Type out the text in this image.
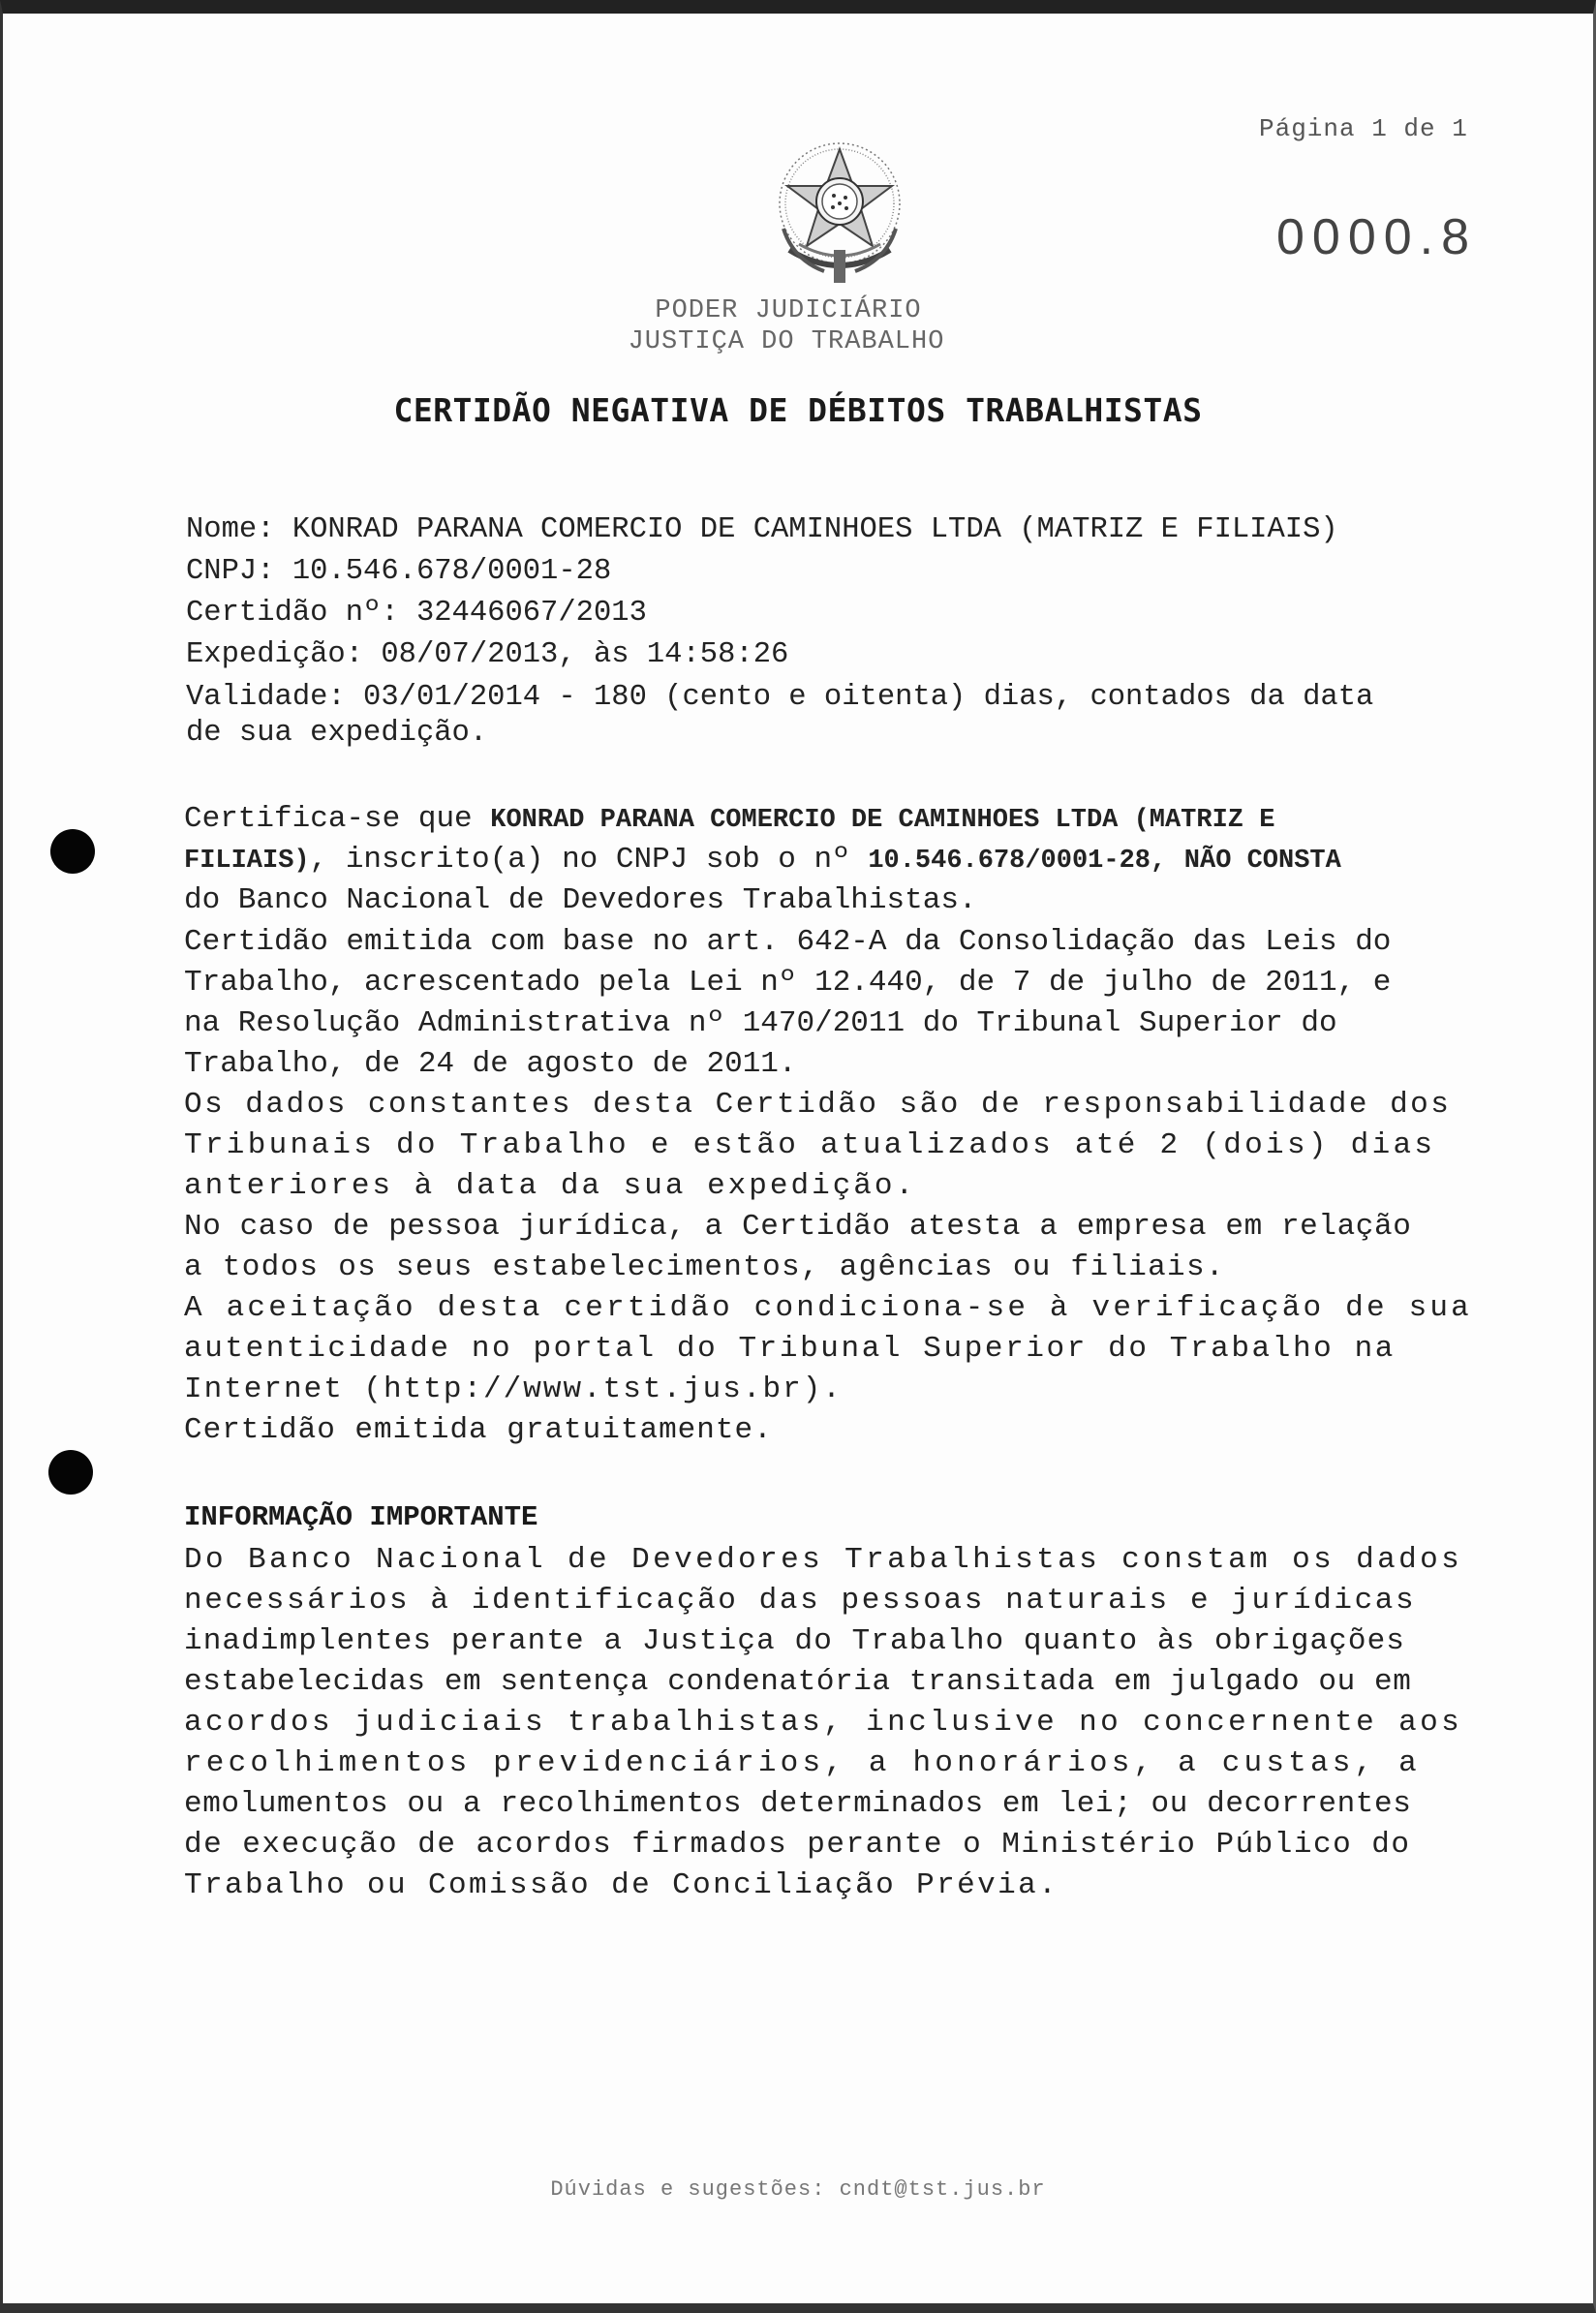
Página 1 de 1
0000.8
PODER JUDICIÁRIO
JUSTIÇA DO TRABALHO
CERTIDÃO NEGATIVA DE DÉBITOS TRABALHISTAS
Nome: KONRAD PARANA COMERCIO DE CAMINHOES LTDA (MATRIZ E FILIAIS)
CNPJ: 10.546.678/0001-28
Certidão nº: 32446067/2013
Expedição: 08/07/2013, às 14:58:26
Validade: 03/01/2014 - 180 (cento e oitenta) dias, contados da data
de sua expedição.
Certifica-se que KONRAD PARANA COMERCIO DE CAMINHOES LTDA (MATRIZ E
FILIAIS), inscrito(a) no CNPJ sob o nº 10.546.678/0001-28, NÃO CONSTA
do Banco Nacional de Devedores Trabalhistas.
Certidão emitida com base no art. 642-A da Consolidação das Leis do
Trabalho, acrescentado pela Lei nº 12.440, de 7 de julho de 2011, e
na Resolução Administrativa nº 1470/2011 do Tribunal Superior do
Trabalho, de 24 de agosto de 2011.
Os dados constantes desta Certidão são de responsabilidade dos
Tribunais do Trabalho e estão atualizados até 2 (dois) dias
anteriores à data da sua expedição.
No caso de pessoa jurídica, a Certidão atesta a empresa em relação
a todos os seus estabelecimentos, agências ou filiais.
A aceitação desta certidão condiciona-se à verificação de sua
autenticidade no portal do Tribunal Superior do Trabalho na
Internet (http://www.tst.jus.br).
Certidão emitida gratuitamente.
INFORMAÇÃO IMPORTANTE
Do Banco Nacional de Devedores Trabalhistas constam os dados
necessários à identificação das pessoas naturais e jurídicas
inadimplentes perante a Justiça do Trabalho quanto às obrigações
estabelecidas em sentença condenatória transitada em julgado ou em
acordos judiciais trabalhistas, inclusive no concernente aos
recolhimentos previdenciários, a honorários, a custas, a
emolumentos ou a recolhimentos determinados em lei; ou decorrentes
de execução de acordos firmados perante o Ministério Público do
Trabalho ou Comissão de Conciliação Prévia.
Dúvidas e sugestões: cndt@tst.jus.br
